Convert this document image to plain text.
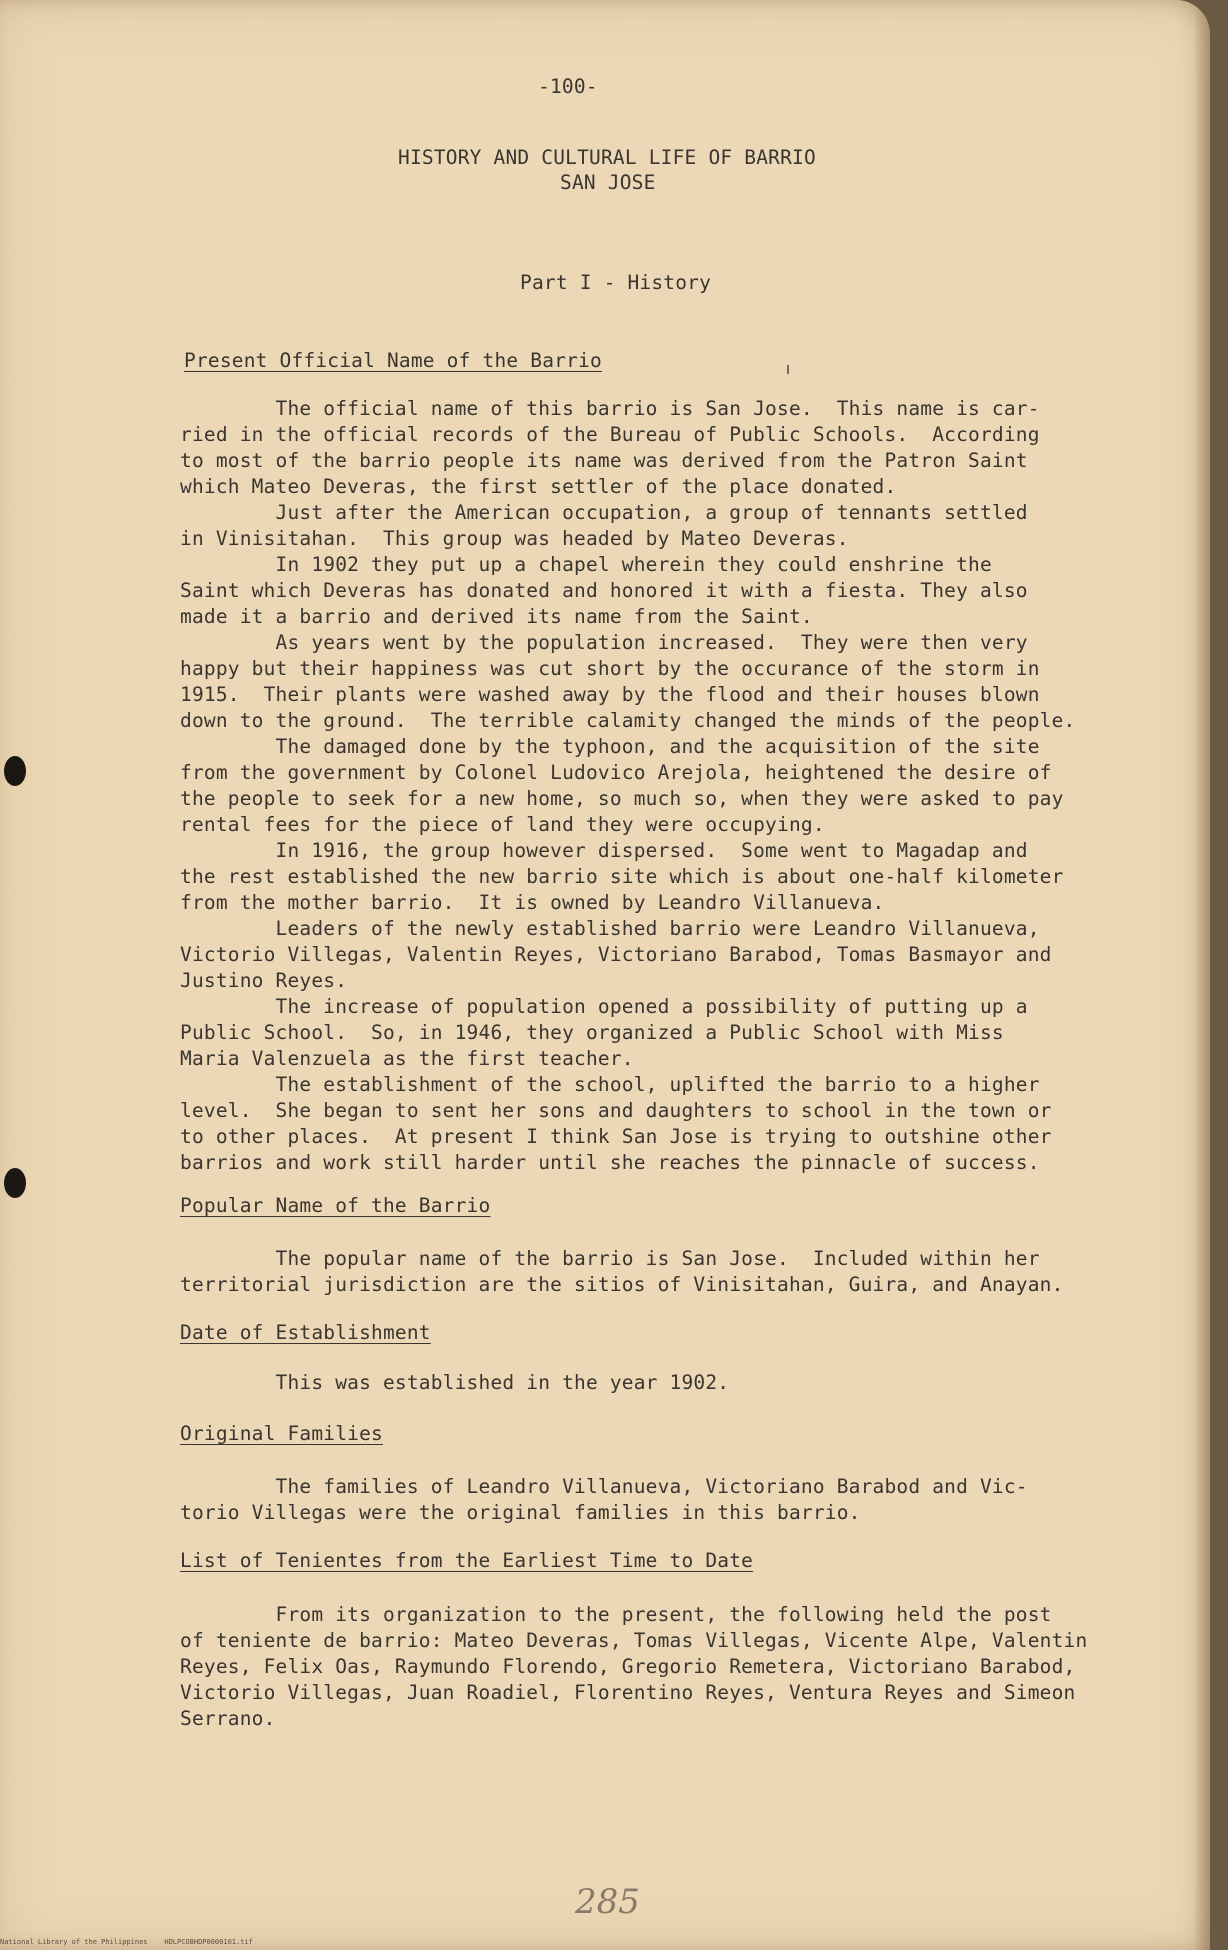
-100-
HISTORY AND CULTURAL LIFE OF BARRIO
SAN JOSE
Part I - History
Present Official Name of the Barrio
The official name of this barrio is San Jose.  This name is car-
ried in the official records of the Bureau of Public Schools.  According
to most of the barrio people its name was derived from the Patron Saint
which Mateo Deveras, the first settler of the place donated.
Just after the American occupation, a group of tennants settled
in Vinisitahan.  This group was headed by Mateo Deveras.
In 1902 they put up a chapel wherein they could enshrine the
Saint which Deveras has donated and honored it with a fiesta. They also
made it a barrio and derived its name from the Saint.
As years went by the population increased.  They were then very
happy but their happiness was cut short by the occurance of the storm in
1915.  Their plants were washed away by the flood and their houses blown
down to the ground.  The terrible calamity changed the minds of the people.
The damaged done by the typhoon, and the acquisition of the site
from the government by Colonel Ludovico Arejola, heightened the desire of
the people to seek for a new home, so much so, when they were asked to pay
rental fees for the piece of land they were occupying.
In 1916, the group however dispersed.  Some went to Magadap and
the rest established the new barrio site which is about one-half kilometer
from the mother barrio.  It is owned by Leandro Villanueva.
Leaders of the newly established barrio were Leandro Villanueva,
Victorio Villegas, Valentin Reyes, Victoriano Barabod, Tomas Basmayor and
Justino Reyes.
The increase of population opened a possibility of putting up a
Public School.  So, in 1946, they organized a Public School with Miss
Maria Valenzuela as the first teacher.
The establishment of the school, uplifted the barrio to a higher
level.  She began to sent her sons and daughters to school in the town or
to other places.  At present I think San Jose is trying to outshine other
barrios and work still harder until she reaches the pinnacle of success.
Popular Name of the Barrio
The popular name of the barrio is San Jose.  Included within her
territorial jurisdiction are the sitios of Vinisitahan, Guira, and Anayan.
Date of Establishment
This was established in the year 1902.
Original Families
The families of Leandro Villanueva, Victoriano Barabod and Vic-
torio Villegas were the original families in this barrio.
List of Tenientes from the Earliest Time to Date
From its organization to the present, the following held the post
of teniente de barrio: Mateo Deveras, Tomas Villegas, Vicente Alpe, Valentin
Reyes, Felix Oas, Raymundo Florendo, Gregorio Remetera, Victoriano Barabod,
Victorio Villegas, Juan Roadiel, Florentino Reyes, Ventura Reyes and Simeon
Serrano.
285
National Library of the Philippines    HDLPCOBHDP0000101.tif
